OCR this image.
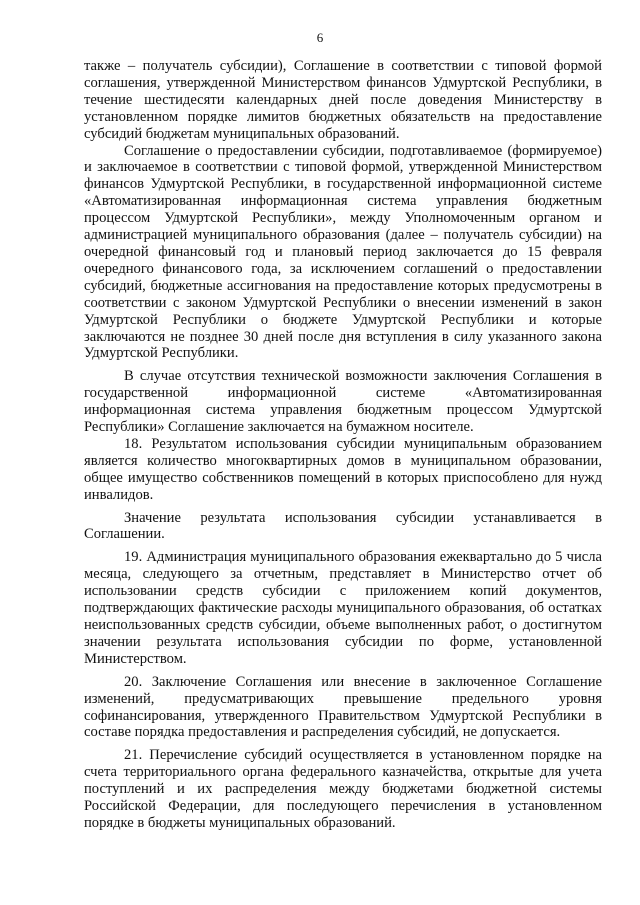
6

также – получатель субсидии), Соглашение в соответствии с типовой формой соглашения, утвержденной Министерством финансов Удмуртской Республики, в течение шестидесяти календарных дней после доведения Министерству в установленном порядке лимитов бюджетных обязательств на предоставление субсидий бюджетам муниципальных образований.

Соглашение о предоставлении субсидии, подготавливаемое (формируемое) и заключаемое в соответствии с типовой формой, утвержденной Министерством финансов Удмуртской Республики, в государственной информационной системе «Автоматизированная информационная система управления бюджетным процессом Удмуртской Республики», между Уполномоченным органом и администрацией муниципального образования (далее – получатель субсидии) на очередной финансовый год и плановый период заключается до 15 февраля очередного финансового года, за исключением соглашений о предоставлении субсидий, бюджетные ассигнования на предоставление которых предусмотрены в соответствии с законом Удмуртской Республики о внесении изменений в закон Удмуртской Республики о бюджете Удмуртской Республики и которые заключаются не позднее 30 дней после дня вступления в силу указанного закона Удмуртской Республики.

В случае отсутствия технической возможности заключения Соглашения в государственной информационной системе «Автоматизированная информационная система управления бюджетным процессом Удмуртской Республики» Соглашение заключается на бумажном носителе.

18. Результатом использования субсидии муниципальным образованием является количество многоквартирных домов в муниципальном образовании, общее имущество собственников помещений в которых приспособлено для нужд инвалидов.

Значение результата использования субсидии устанавливается в Соглашении.

19. Администрация муниципального образования ежеквартально до 5 числа месяца, следующего за отчетным, представляет в Министерство отчет об использовании средств субсидии с приложением копий документов, подтверждающих фактические расходы муниципального образования, об остатках неиспользованных средств субсидии, объеме выполненных работ, о достигнутом значении результата использования субсидии по форме, установленной Министерством.

20. Заключение Соглашения или внесение в заключенное Соглашение изменений, предусматривающих превышение предельного уровня софинансирования, утвержденного Правительством Удмуртской Республики в составе порядка предоставления и распределения субсидий, не допускается.

21. Перечисление субсидий осуществляется в установленном порядке на счета территориального органа федерального казначейства, открытые для учета поступлений и их распределения между бюджетами бюджетной системы Российской Федерации, для последующего перечисления в установленном порядке в бюджеты муниципальных образований.
